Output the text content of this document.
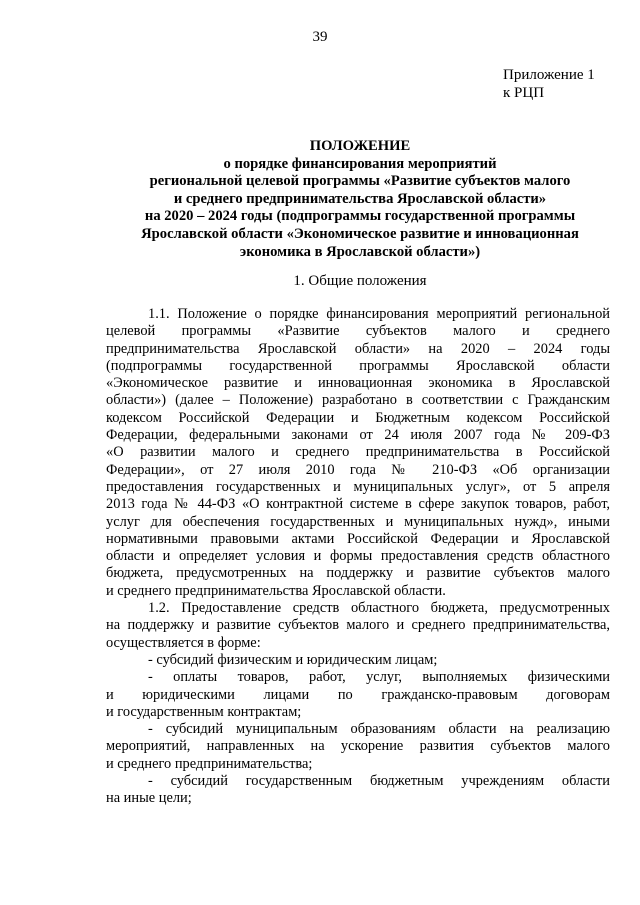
39
Приложение 1
к РЦП
ПОЛОЖЕНИЕ
о порядке финансирования мероприятий
региональной целевой программы «Развитие субъектов малого
и среднего предпринимательства Ярославской области»
на 2020 – 2024 годы (подпрограммы государственной программы
Ярославской области «Экономическое развитие и инновационная
экономика в Ярославской области»)
1. Общие положения
1.1. Положение о порядке финансирования мероприятий региональной
целевой программы «Развитие субъектов малого и среднего
предпринимательства Ярославской области» на 2020 – 2024 годы
(подпрограммы государственной программы Ярославской области
«Экономическое развитие и инновационная экономика в Ярославской
области») (далее – Положение) разработано в соответствии с Гражданским
кодексом Российской Федерации и Бюджетным кодексом Российской
Федерации, федеральными законами от 24 июля 2007 года № 209-ФЗ
«О развитии малого и среднего предпринимательства в Российской
Федерации», от 27 июля 2010 года № 210-ФЗ «Об организации
предоставления государственных и муниципальных услуг», от 5 апреля
2013 года № 44-ФЗ «О контрактной системе в сфере закупок товаров, работ,
услуг для обеспечения государственных и муниципальных нужд», иными
нормативными правовыми актами Российской Федерации и Ярославской
области и определяет условия и формы предоставления средств областного
бюджета, предусмотренных на поддержку и развитие субъектов малого
и среднего предпринимательства Ярославской области.
1.2. Предоставление средств областного бюджета, предусмотренных
на поддержку и развитие субъектов малого и среднего предпринимательства,
осуществляется в форме:
- субсидий физическим и юридическим лицам;
- оплаты товаров, работ, услуг, выполняемых физическими
и юридическими лицами по гражданско-правовым договорам
и государственным контрактам;
- субсидий муниципальным образованиям области на реализацию
мероприятий, направленных на ускорение развития субъектов малого
и среднего предпринимательства;
- субсидий государственным бюджетным учреждениям области
на иные цели;
